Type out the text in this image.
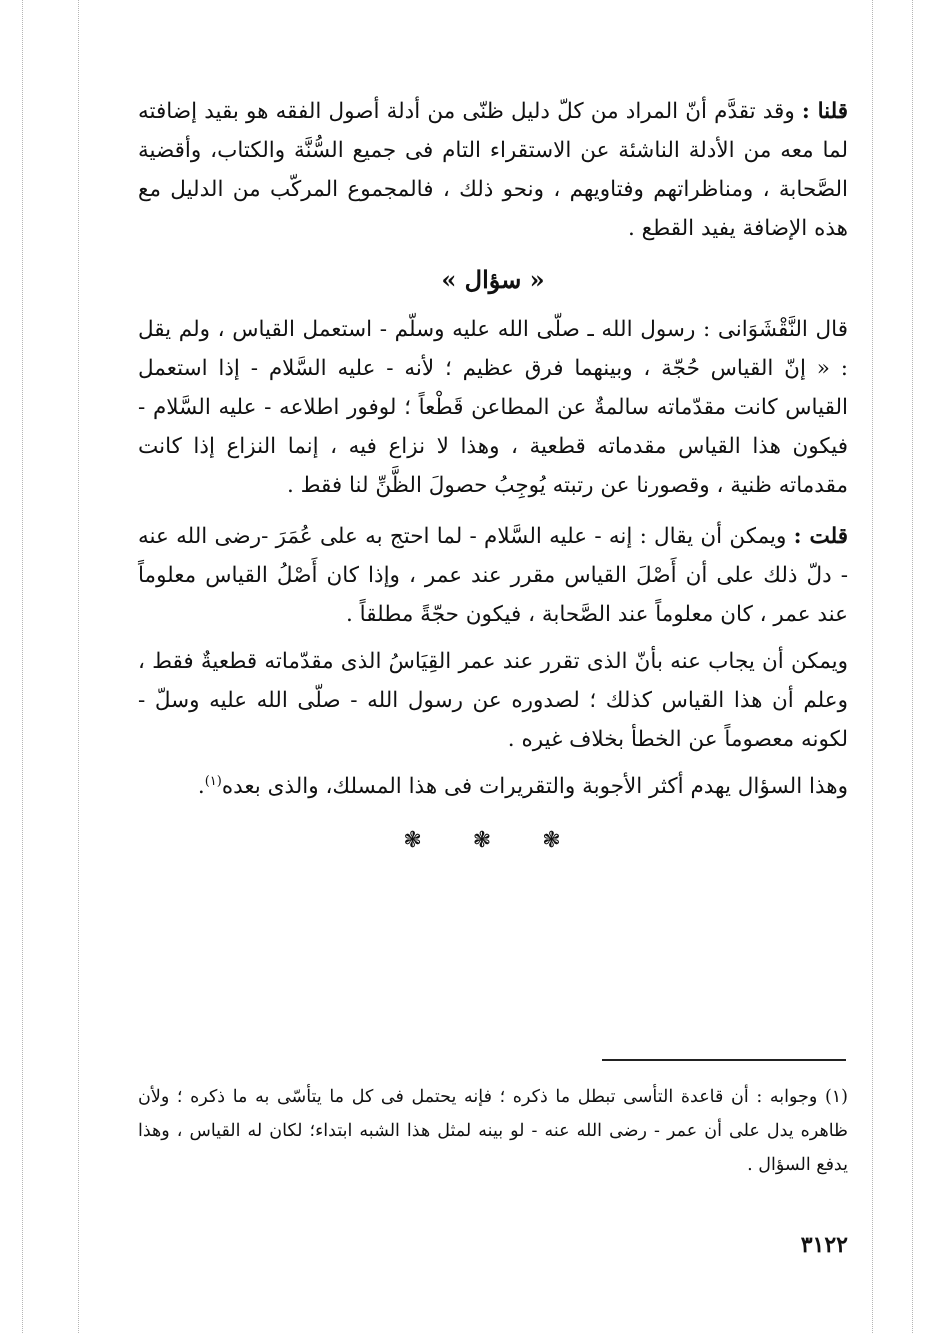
قلنا : وقد تقدَّم أنّ المراد من كلّ دليل ظنّى من أدلة أصول الفقه هو بقيد إضافته لما معه من الأدلة الناشئة عن الاستقراء التام فى جميع السُّنَّة والكتاب، وأقضية الصَّحابة ، ومناظراتهم وفتاويهم ، ونحو ذلك ، فالمجموع المركّب من الدليل مع هذه الإضافة يفيد القطع .

« سؤال »

قال النَّقْشَوَانى : رسول الله ـ صلّى الله عليه وسلّم - استعمل القياس ، ولم يقل : « إنّ القياس حُجّة ، وبينهما فرق عظيم ؛ لأنه - عليه السَّلام - إذا استعمل القياس كانت مقدّماته سالمةٌ عن المطاعن قَطْعاً ؛ لوفور اطلاعه - عليه السَّلام - فيكون هذا القياس مقدماته قطعية ، وهذا لا نزاع فيه ، إنما النزاع إذا كانت مقدماته ظنية ، وقصورنا عن رتبته يُوجِبُ حصولَ الظَّنِّ لنا فقط .

قلت : ويمكن أن يقال : إنه - عليه السَّلام - لما احتج به على عُمَرَ -رضى الله عنه - دلّ ذلك على أن أَصْلَ القياس مقرر عند عمر ، وإذا كان أَصْلُ القياس معلوماً عند عمر ، كان معلوماً عند الصَّحابة ، فيكون حجّةً مطلقاً .

ويمكن أن يجاب عنه بأنّ الذى تقرر عند عمر القِيَاسُ الذى مقدّماته قطعيةٌ فقط ، وعلم أن هذا القياس كذلك ؛ لصدوره عن رسول الله - صلّى الله عليه وسلّ - لكونه معصوماً عن الخطأ بخلاف غيره .

وهذا السؤال يهدم أكثر الأجوبة والتقريرات فى هذا المسلك، والذى بعده$^{(١)}$.

❃ ❃ ❃

(١) وجوابه : أن قاعدة التأسى تبطل ما ذكره ؛ فإنه يحتمل فى كل ما يتأسّى به ما ذكره ؛ ولأن ظاهره يدل على أن عمر - رضى الله عنه - لو بينه لمثل هذا الشبه ابتداء؛ لكان له القياس ، وهذا يدفع السؤال .

٣١٢٢
